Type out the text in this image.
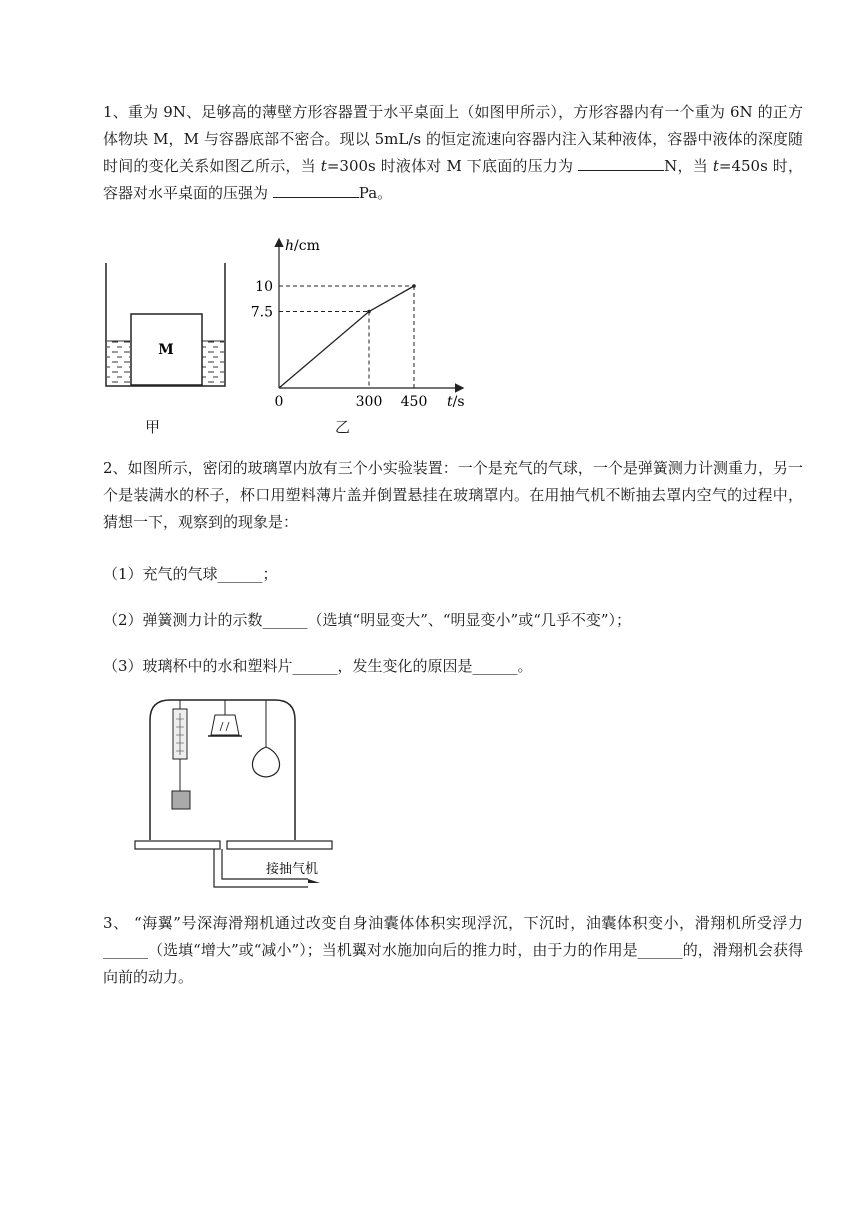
1、重为 9N、足够高的薄壁方形容器置于水平桌面上（如图甲所示），方形容器内有一个重为 6N 的正方体物块 M，M 与容器底部不密合。现以 5mL/s 的恒定流速向容器内注入某种液体，容器中液体的深度随时间的变化关系如图乙所示，当 t=300s 时液体对 M 下底面的压力为	N，当 t=450s 时，容器对水平桌面的压强为	Pa。

M
甲
h/cm
t/s
0
7.5
10
300 450
乙

2、如图所示，密闭的玻璃罩内放有三个小实验装置：一个是充气的气球，一个是弹簧测力计测重力，另一个是装满水的杯子，杯口用塑料薄片盖并倒置悬挂在玻璃罩内。在用抽气机不断抽去罩内空气的过程中，猜想一下，观察到的现象是：

（1）充气的气球______；

（2）弹簧测力计的示数______（选填“明显变大”、“明显变小”或“几乎不变”）；

（3）玻璃杯中的水和塑料片______，发生变化的原因是______。

接抽气机

3、 “海翼”号深海滑翔机通过改变自身油囊体体积实现浮沉，下沉时，油囊体积变小，滑翔机所受浮力______（选填“增大”或“减小”）；当机翼对水施加向后的推力时，由于力的作用是______的，滑翔机会获得向前的动力。
